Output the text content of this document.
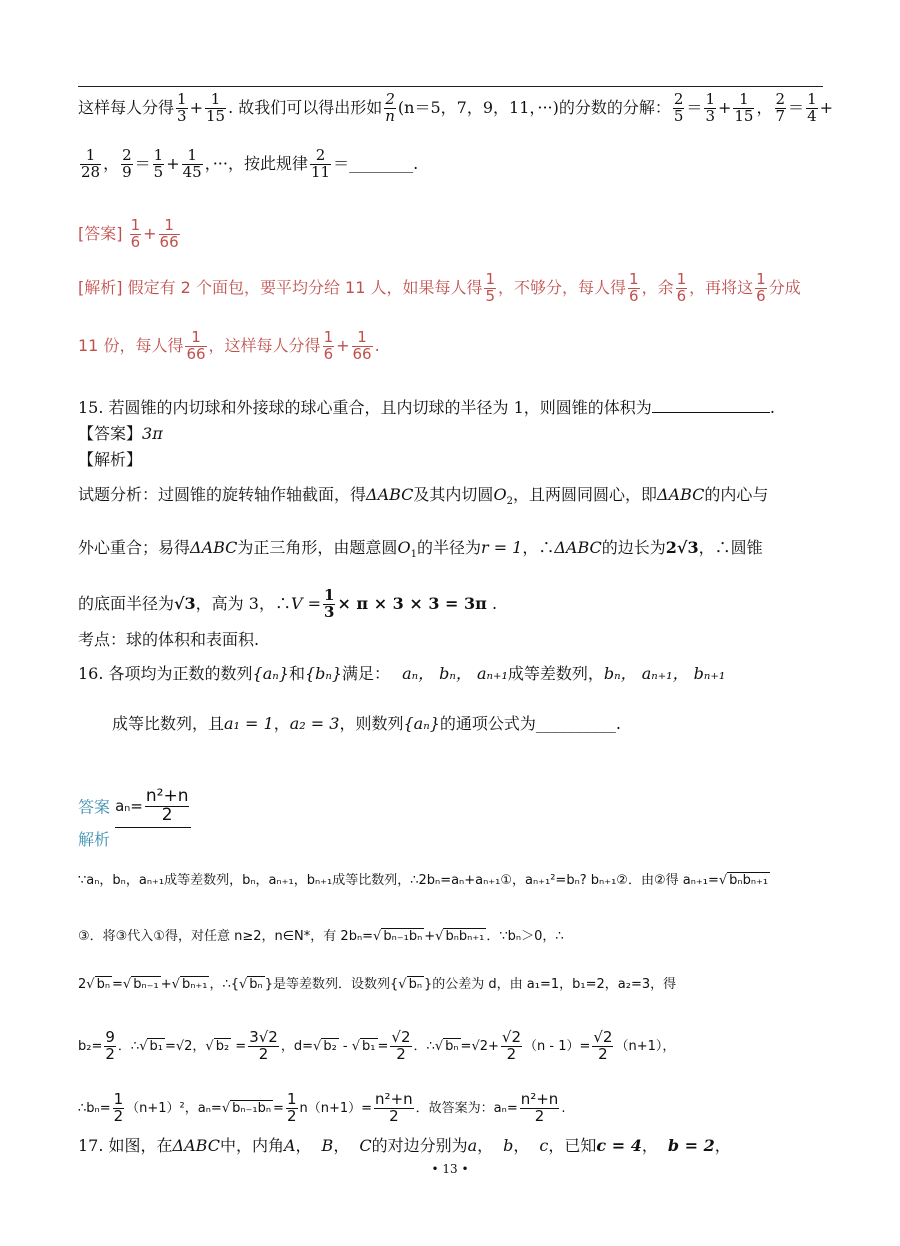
这样每人分得 $\frac{1}{3} + \frac{1}{15}$ . 故我们可以得出形如 $\frac{2}{n} (n=5$，7，9，11，···)的分数的分解： $\frac{2}{5} = \frac{1}{3} + \frac{1}{15}$ ， $\frac{2}{7} = \frac{1}{4}$ +
$\frac{1}{28}$ ， $\frac{2}{9} = \frac{1}{5} + \frac{1}{45}$ ，···，按此规律 $\frac{2}{11}$ ＝________.
[答案] $\frac{1}{6} + \frac{1}{66}$
[解析] 假定有 2 个面包，要平均分给 11 人，如果每人得 $\frac{1}{5}$ ，不够分，每人得 $\frac{1}{6}$ ，余 $\frac{1}{6}$ ，再将这 $\frac{1}{6}$ 分成
11 份，每人得 $\frac{1}{66}$ ，这样每人分得 $\frac{1}{6} + \frac{1}{66}$ .
15. 若圆锥的内切球和外接球的球心重合，且内切球的半径为 1，则圆锥的体积为	.
【答案】3π
【解析】
试题分析：过圆锥的旋转轴作轴截面，得ΔABC及其内切圆$O_2$，且两圆同圆心，即ΔABC的内心与
外心重合；易得ΔABC为正三角形，由题意圆$O_1$的半径为r = 1，∴ΔABC的边长为2√3，∴圆锥
的底面半径为√3，高为 3，∴V = $\frac{1}{3} \times \pi \times 3 \times 3 = 3\pi$ .
考点：球的体积和表面积.
16. 各项均为正数的数列{aₙ}和{bₙ}满足： aₙ， bₙ， aₙ₊₁成等差数列，bₙ， aₙ₊₁， bₙ₊₁
成等比数列，且a₁ = 1，a₂ = 3，则数列{aₙ}的通项公式为__________.
答案 $a_n= \frac{\text{n²+n}}{2}$
解析
∵aₙ，bₙ，aₙ₊₁成等差数列，bₙ，aₙ₊₁，bₙ₊₁成等比数列，∴2bₙ=aₙ+aₙ₊₁①，aₙ₊₁²=bₙ? bₙ₊₁②．由②得 aₙ₊₁=√ bₙbₙ₊₁
③．将③代入①得，对任意 n≥2，n∈N*，有 2bₙ=√ bₙ₋₁bₙ +√ bₙbₙ₊₁ ．∵bₙ＞0，∴
2√ bₙ =√ bₙ₋₁ +√ bₙ₊₁ ，∴{√ bₙ }是等差数列．设数列{√ bₙ }的公差为 d，由 a₁=1，b₁=2，a₂=3，得
$b_2= \frac{9}{2}$ ．∴√ b₁ =√2，√ $b_2 = \frac{3√2}{2}$ ，d=√ b₂ - √ $b_1 = \frac{√2}{2}$ ．∴√ $b_n =√2+ \frac{√2}{2} (n - 1)= \frac{√2}{2} (n+1)$，
∴bₙ= $\frac{1}{2} (n+1)^2$，aₙ=√ $b_{n-1}b_n = \frac{1}{2} n(n+1)= \frac{\text{n²+n}}{2}$ ．故答案为：$a_n= \frac{\text{n²+n}}{2}$ .
17. 如图，在ΔABC中，内角A， B， C的对边分别为a， b， c，已知c = 4， b = 2，
• 13 •
